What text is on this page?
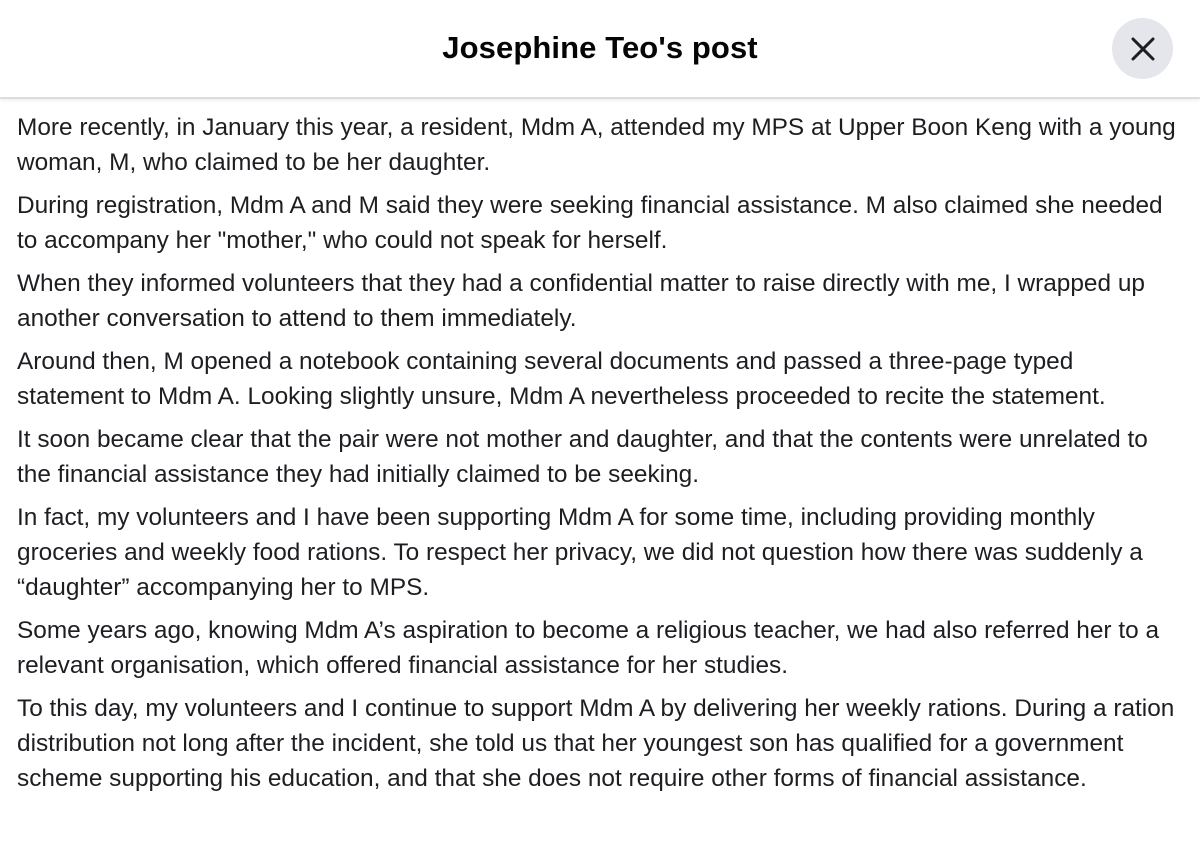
Josephine Teo's post

More recently, in January this year, a resident, Mdm A, attended my MPS at Upper Boon Keng with a young woman, M, who claimed to be her daughter.

During registration, Mdm A and M said they were seeking financial assistance. M also claimed she needed to accompany her "mother," who could not speak for herself.

When they informed volunteers that they had a confidential matter to raise directly with me, I wrapped up another conversation to attend to them immediately.

Around then, M opened a notebook containing several documents and passed a three-page typed statement to Mdm A. Looking slightly unsure, Mdm A nevertheless proceeded to recite the statement.

It soon became clear that the pair were not mother and daughter, and that the contents were unrelated to the financial assistance they had initially claimed to be seeking.

In fact, my volunteers and I have been supporting Mdm A for some time, including providing monthly groceries and weekly food rations. To respect her privacy, we did not question how there was suddenly a “daughter” accompanying her to MPS.

Some years ago, knowing Mdm A’s aspiration to become a religious teacher, we had also referred her to a relevant organisation, which offered financial assistance for her studies.

To this day, my volunteers and I continue to support Mdm A by delivering her weekly rations. During a ration distribution not long after the incident, she told us that her youngest son has qualified for a government scheme supporting his education, and that she does not require other forms of financial assistance.
